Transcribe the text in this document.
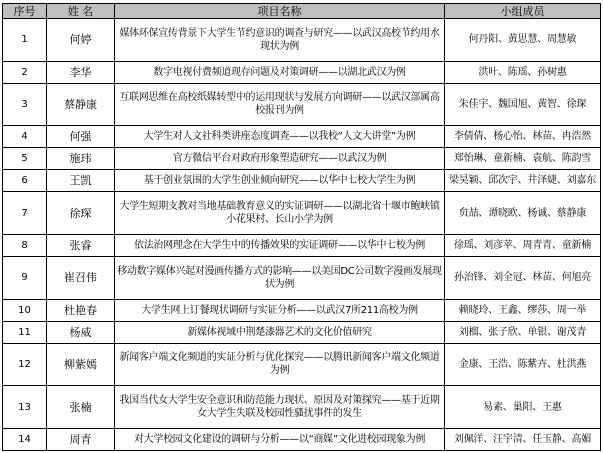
序号	姓 名	项目名称	小组成员
1	何婷	媒体环保宣传背景下大学生节约意识的调查与研究——以武汉高校节约用水现状为例	何丹阳、黄思慧、周慧敏
2	李华	数字电视付费频道现存问题及对策调研——以湖北武汉为例	洪叶、陈瑶、孙树惠
3	蔡静康	互联网思维在高校纸媒转型中的运用现状与发展方向调研——以武汉部属高校报刊为例	朱佳宇、魏国旭、黄智、徐琛
4	何强	大学生对人文社科类讲座态度调查——以我校“人文大讲堂”为例	李倩倩、杨心怡、林苗、冉浩然
5	施玮	官方微信平台对政府形象塑造研究——以武汉为例	郑怡琳、童新楠、袁航、陈韵雪
6	王凯	基于创业氛围的大学生创业倾向研究——以华中七校大学生为例	梁昊颖、邱次宇、井泽婕、刘嘉东
7	徐琛	大学生短期支教对当地基础教育意义的实证调研——以湖北省十堰市鲍峡镇小花果村、长山小学为例	贠喆、谭晓欧、杨诚、蔡静康
8	张睿	依法治网理念在大学生中的传播效果的实证调研——以华中七校为例	徐瑶、刘彦苹、周青青、童新楠
9	崔召伟	移动数字媒体兴起对漫画传播方式的影响——以美国DC公司数字漫画发展现状为例	孙治锋、刘全冠、林苗、何旭亮
10	杜艳春	大学生网上订餐现状调研与实证分析——以武汉7所211高校为例	赖晓玲、王鑫、缪莎、周一举
11	杨威	新媒体视域中荆楚漆器艺术的文化价值研究	刘榴、张子欣、单银、谢茂青
12	柳紫嫣	新闻客户端文化频道的实证分析与优化探究——以腾讯新闻客户端文化频道为例	金康、王浩、陈紫卉、杜洪燕
13	张楠	我国当代女大学生安全意识和防范能力现状、原因及对策探究——基于近期女大学生失联及校园性骚扰事件的发生	易素、巢阳、王惠
14	周青	对大学校园文化建设的调研与分析——以“商媒”文化进校园现象为例	刘佩洋、汪宇清、任玉静、高媚
